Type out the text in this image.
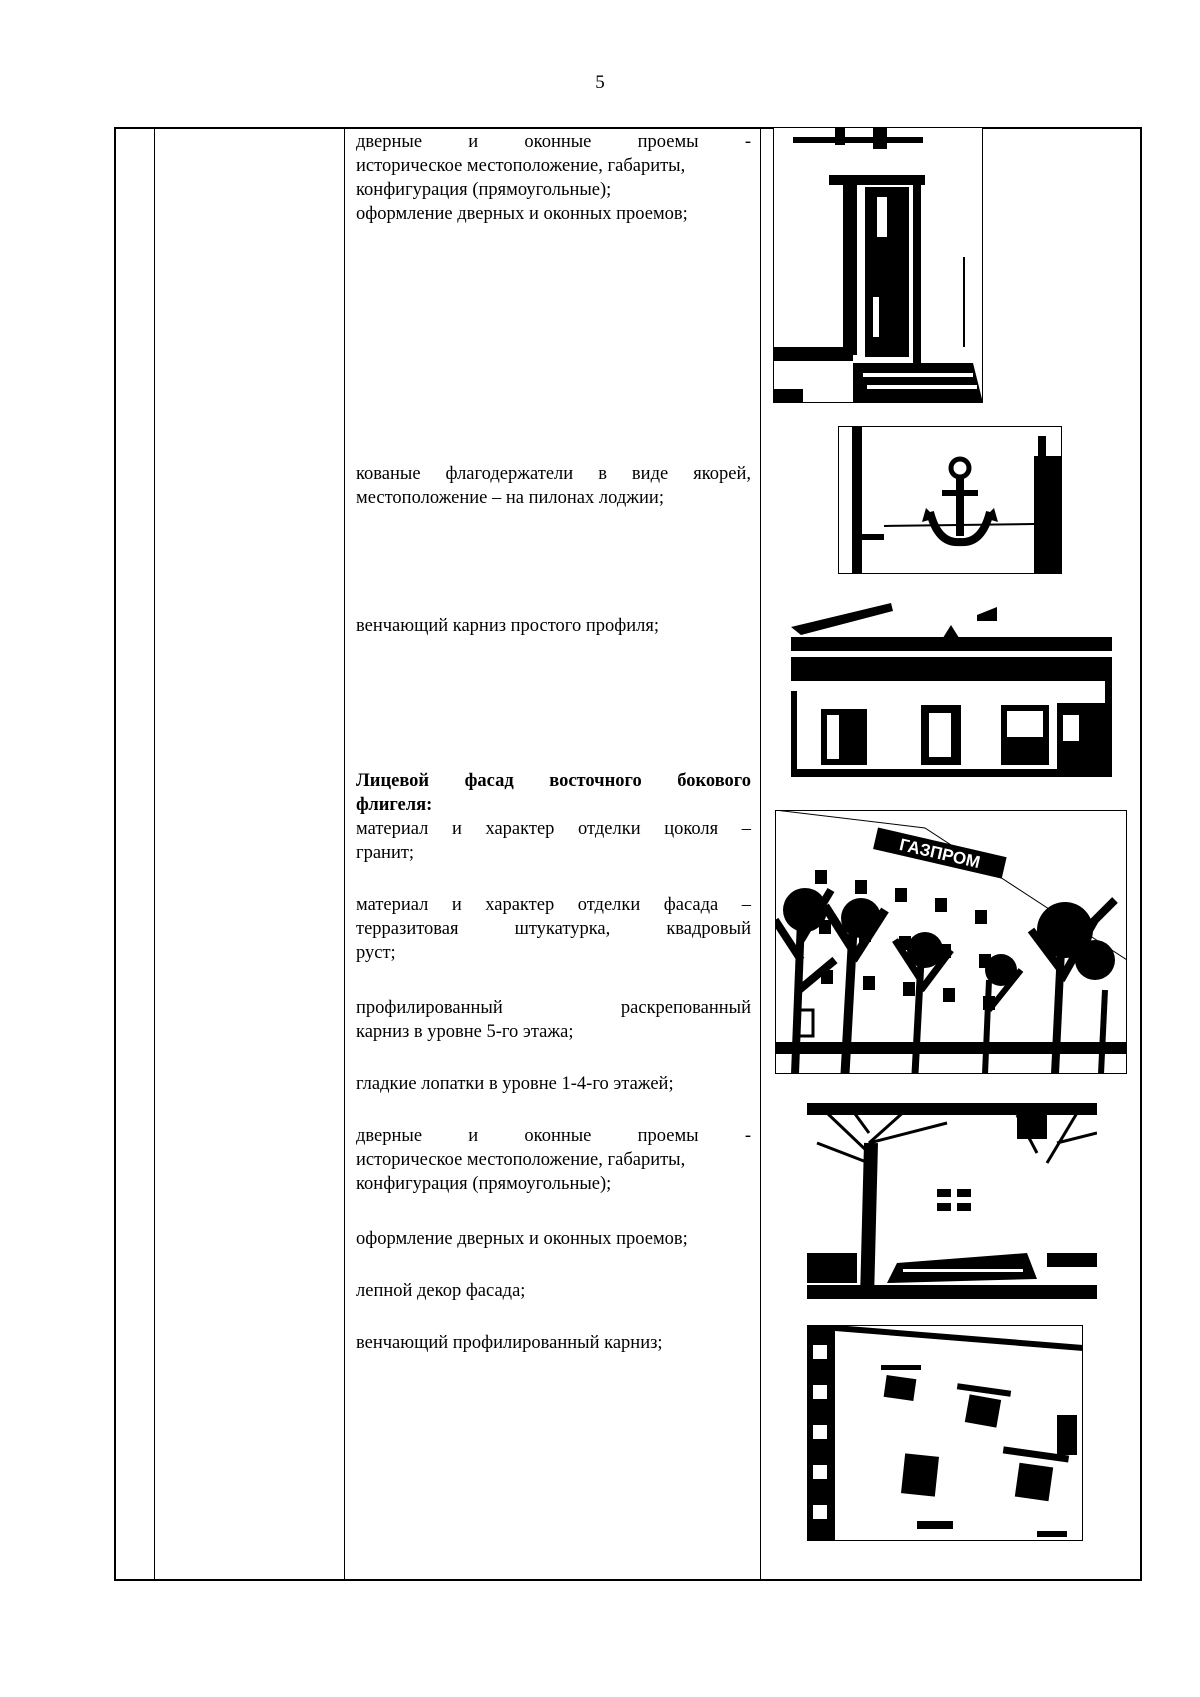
5

дверные и оконные проемы -

историческое местоположение, габариты,

конфигурация (прямоугольные);

оформление дверных и оконных проемов;

кованые флагодержатели в виде якорей,

местоположение – на пилонах лоджии;

венчающий карниз простого профиля;

Лицевой фасад восточного бокового

флигеля:

материал и характер отделки цоколя –

гранит;

материал и характер отделки фасада –

терразитовая штукатурка, квадровый

руст;

профилированный раскрепованный

карниз в уровне 5-го этажа;

гладкие лопатки в уровне 1-4-го этажей;

дверные и оконные проемы -

историческое местоположение, габариты,

конфигурация (прямоугольные);

оформление дверных и оконных проемов;

лепной декор фасада;

венчающий профилированный карниз;

ГАЗПРОМ
